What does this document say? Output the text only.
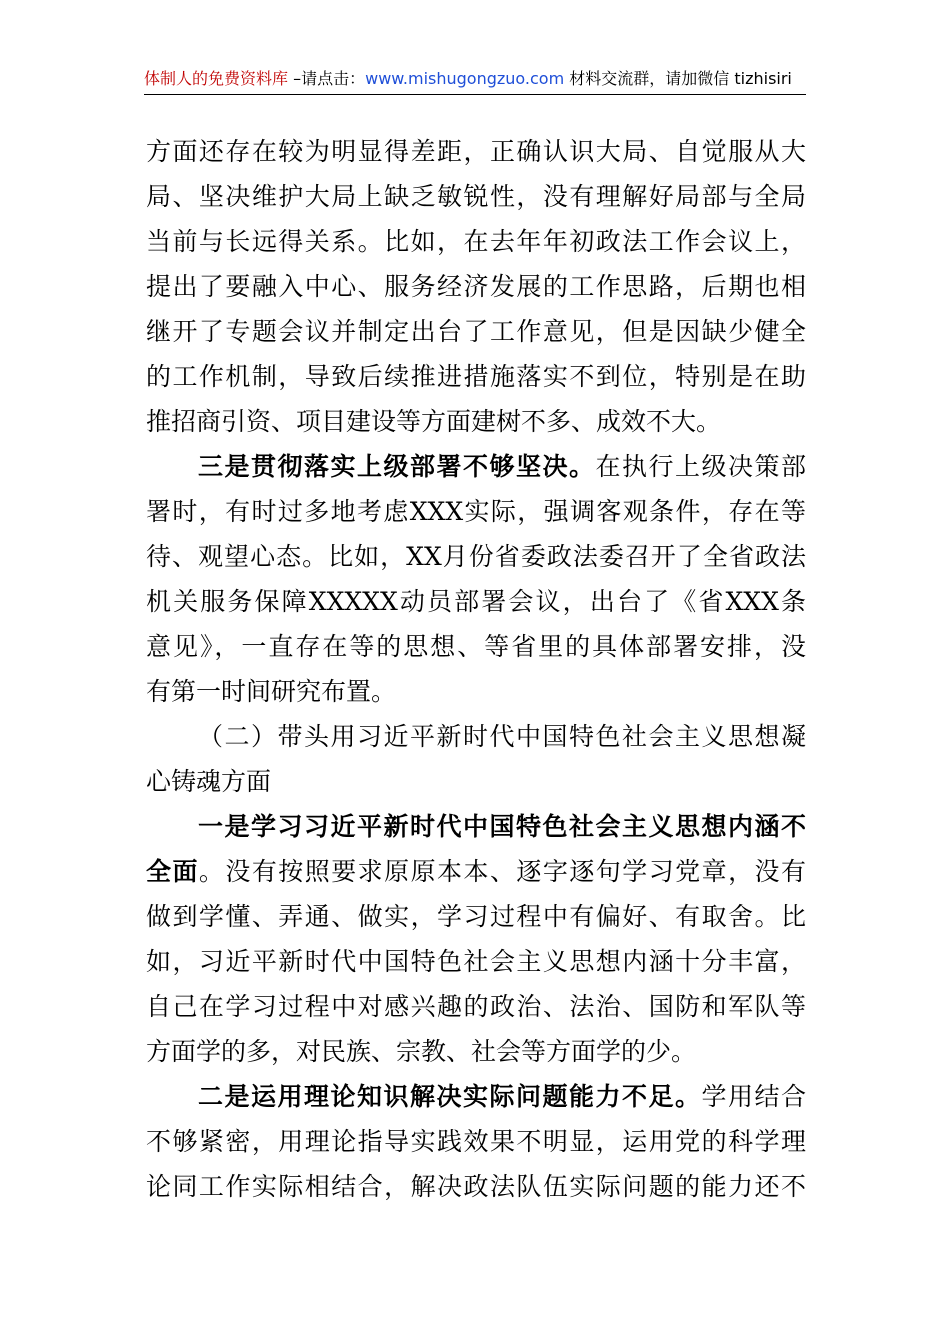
体制人的免费资料库 –请点击：www.mishugongzuo.com 材料交流群，请加微信 tizhisiri
方面还存在较为明显得差距，正确认识大局、自觉服从大
局、坚决维护大局上缺乏敏锐性，没有理解好局部与全局
当前与长远得关系。比如，在去年年初政法工作会议上，
提出了要融入中心、服务经济发展的工作思路，后期也相
继开了专题会议并制定出台了工作意见，但是因缺少健全
的工作机制，导致后续推进措施落实不到位，特别是在助
推招商引资、项目建设等方面建树不多、成效不大。
三是贯彻落实上级部署不够坚决。在执行上级决策部
署时，有时过多地考虑XXX实际，强调客观条件，存在等
待、观望心态。比如，XX月份省委政法委召开了全省政法
机关服务保障XXXXX动员部署会议，出台了《省XXX条
意见》，一直存在等的思想、等省里的具体部署安排，没
有第一时间研究布置。
（二）带头用习近平新时代中国特色社会主义思想凝
心铸魂方面
一是学习习近平新时代中国特色社会主义思想内涵不
全面。没有按照要求原原本本、逐字逐句学习党章，没有
做到学懂、弄通、做实，学习过程中有偏好、有取舍。比
如，习近平新时代中国特色社会主义思想内涵十分丰富，
自己在学习过程中对感兴趣的政治、法治、国防和军队等
方面学的多，对民族、宗教、社会等方面学的少。
二是运用理论知识解决实际问题能力不足。学用结合
不够紧密，用理论指导实践效果不明显，运用党的科学理
论同工作实际相结合，解决政法队伍实际问题的能力还不
